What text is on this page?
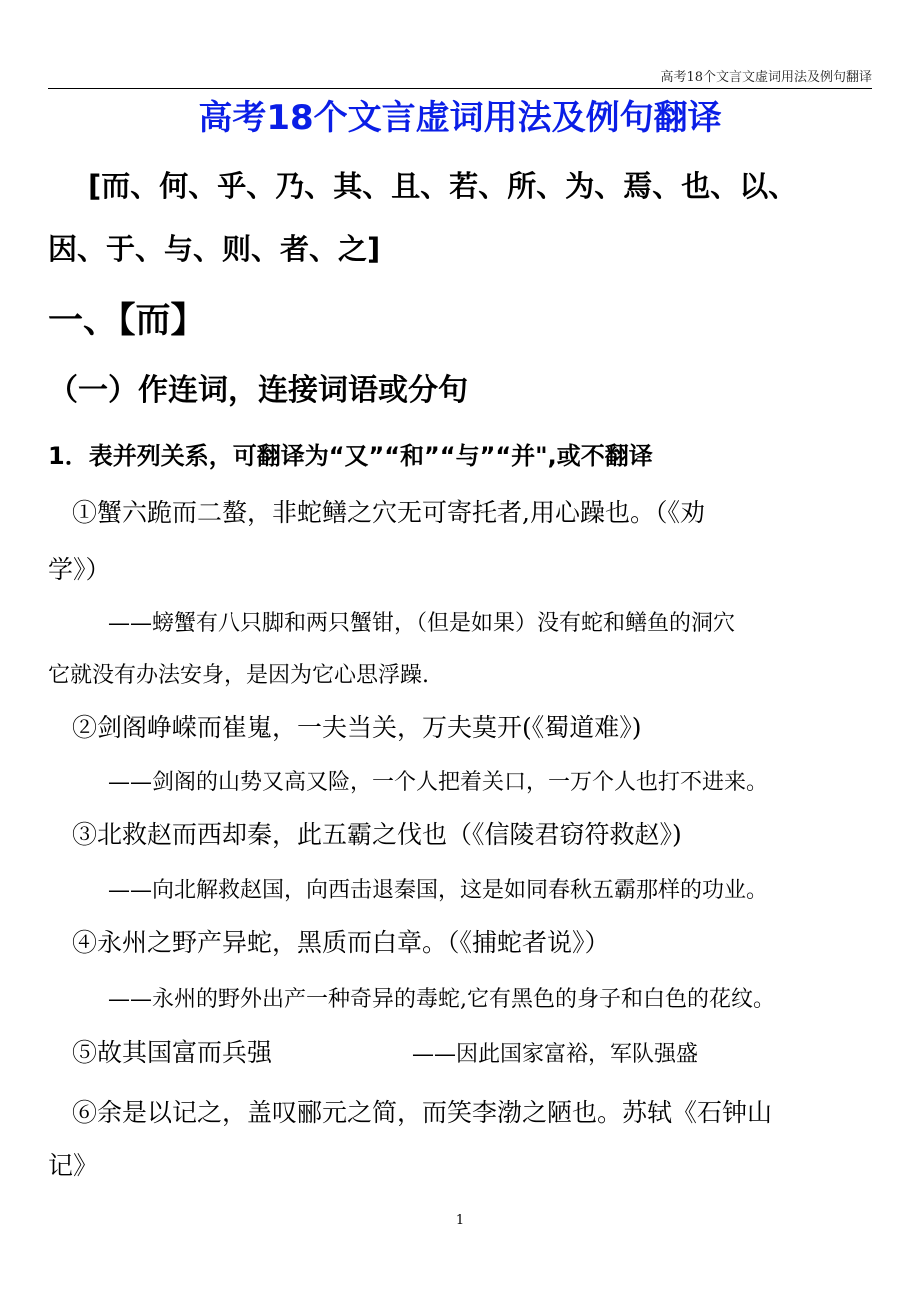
高考18个文言文虚词用法及例句翻译
高考18个文言虚词用法及例句翻译
[而、何、乎、乃、其、且、若、所、为、焉、也、以、
因、于、与、则、者、之]
一、【而】
（一）作连词，连接词语或分句
1．表并列关系，可翻译为“又”“和”“与”“并",或不翻译
①蟹六跪而二螯，非蛇鳝之穴无可寄托者,用心躁也。（《劝
学》）
——螃蟹有八只脚和两只蟹钳，（但是如果）没有蛇和鳝鱼的洞穴
它就没有办法安身，是因为它心思浮躁.
②剑阁峥嵘而崔嵬，一夫当关，万夫莫开(《蜀道难》)
——剑阁的山势又高又险，一个人把着关口，一万个人也打不进来。
③北救赵而西却秦，此五霸之伐也（《信陵君窃符救赵》)
——向北解救赵国，向西击退秦国，这是如同春秋五霸那样的功业。
④永州之野产异蛇，黑质而白章。（《捕蛇者说》）
——永州的野外出产一种奇异的毒蛇,它有黑色的身子和白色的花纹。
⑤故其国富而兵强	——因此国家富裕，军队强盛
⑥余是以记之，盖叹郦元之简，而笑李渤之陋也。苏轼《石钟山
记》
1
